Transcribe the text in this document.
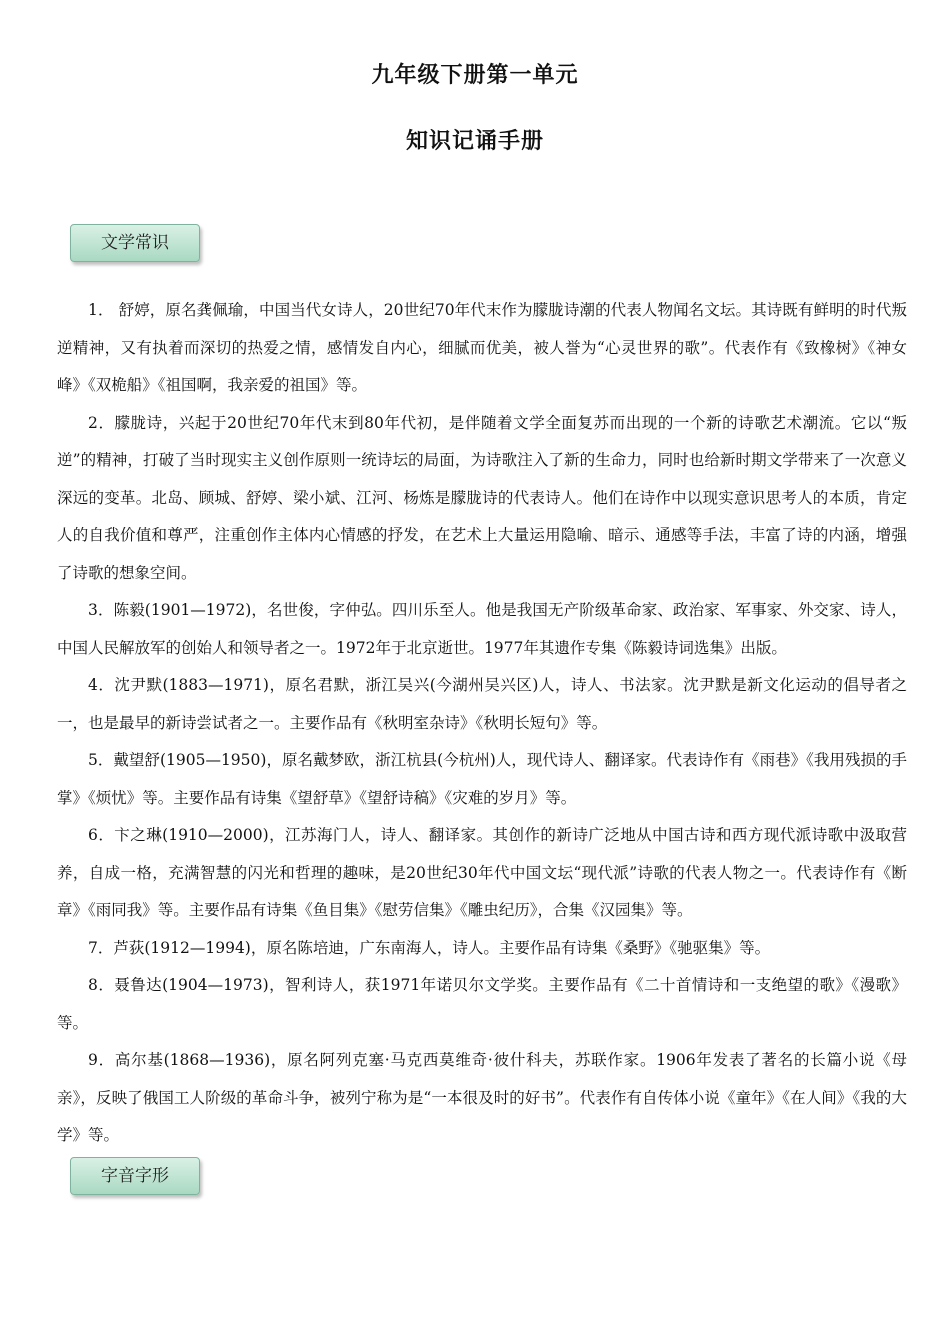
九年级下册第一单元
知识记诵手册
文学常识

1． 舒婷，原名龚佩瑜，中国当代女诗人，20世纪70年代末作为朦胧诗潮的代表人物闻名文坛。其诗既有鲜明的时代叛逆精神，又有执着而深切的热爱之情，感情发自内心，细腻而优美，被人誉为“心灵世界的歌”。代表作有《致橡树》《神女峰》《双桅船》《祖国啊，我亲爱的祖国》等。

2．朦胧诗，兴起于20世纪70年代末到80年代初，是伴随着文学全面复苏而出现的一个新的诗歌艺术潮流。它以“叛逆”的精神，打破了当时现实主义创作原则一统诗坛的局面，为诗歌注入了新的生命力，同时也给新时期文学带来了一次意义深远的变革。北岛、顾城、舒婷、梁小斌、江河、杨炼是朦胧诗的代表诗人。他们在诗作中以现实意识思考人的本质，肯定人的自我价值和尊严，注重创作主体内心情感的抒发，在艺术上大量运用隐喻、暗示、通感等手法，丰富了诗的内涵，增强了诗歌的想象空间。

3．陈毅(1901—1972)，名世俊，字仲弘。四川乐至人。他是我国无产阶级革命家、政治家、军事家、外交家、诗人，中国人民解放军的创始人和领导者之一。1972年于北京逝世。1977年其遗作专集《陈毅诗词选集》出版。

4．沈尹默(1883—1971)，原名君默，浙江吴兴(今湖州吴兴区)人，诗人、书法家。沈尹默是新文化运动的倡导者之一，也是最早的新诗尝试者之一。主要作品有《秋明室杂诗》《秋明长短句》等。

5．戴望舒(1905—1950)，原名戴梦欧，浙江杭县(今杭州)人，现代诗人、翻译家。代表诗作有《雨巷》《我用残损的手掌》《烦忧》等。主要作品有诗集《望舒草》《望舒诗稿》《灾难的岁月》等。

6．卞之琳(1910—2000)，江苏海门人，诗人、翻译家。其创作的新诗广泛地从中国古诗和西方现代派诗歌中汲取营养，自成一格，充满智慧的闪光和哲理的趣味，是20世纪30年代中国文坛“现代派”诗歌的代表人物之一。代表诗作有《断章》《雨同我》等。主要作品有诗集《鱼目集》《慰劳信集》《雕虫纪历》，合集《汉园集》等。

7．芦荻(1912—1994)，原名陈培迪，广东南海人，诗人。主要作品有诗集《桑野》《驰驱集》等。

8．聂鲁达(1904—1973)，智利诗人，获1971年诺贝尔文学奖。主要作品有《二十首情诗和一支绝望的歌》《漫歌》等。

9．高尔基(1868—1936)，原名阿列克塞·马克西莫维奇·彼什科夫，苏联作家。1906年发表了著名的长篇小说《母亲》，反映了俄国工人阶级的革命斗争，被列宁称为是“一本很及时的好书”。代表作有自传体小说《童年》《在人间》《我的大学》等。

字音字形
